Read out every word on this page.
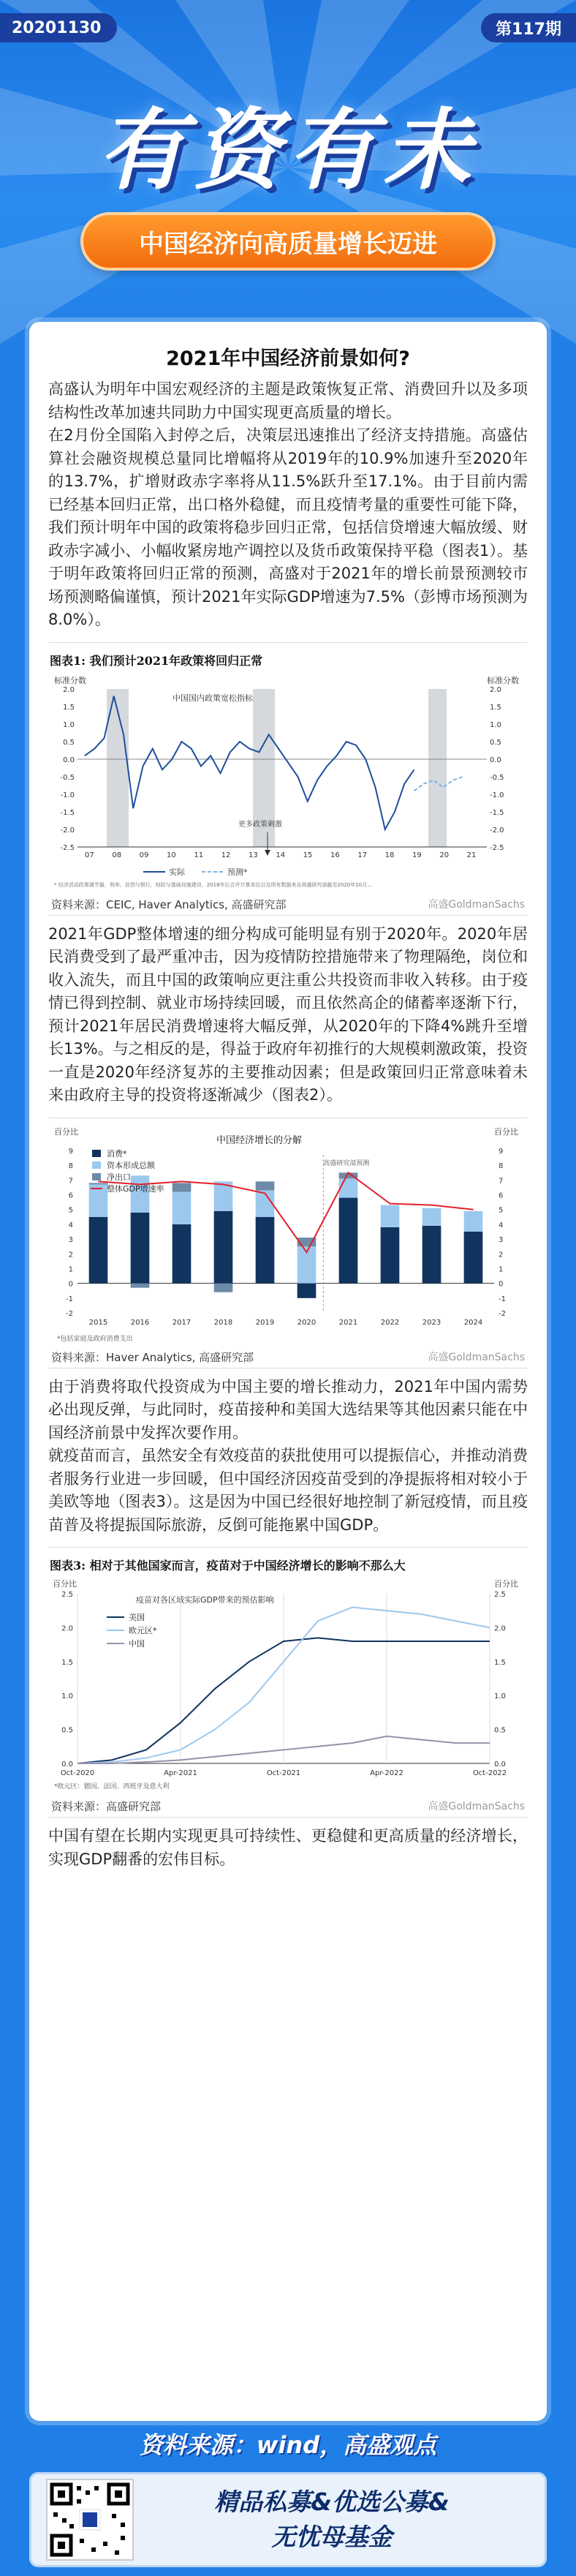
20201130	第117期
有资有未
中国经济向高质量增长迈进
2021年中国经济前景如何?

高盛认为明年中国宏观经济的主题是政策恢复正常、消费回升以及多项结构性改革加速共同助力中国实现更高质量的增长。

在2月份全国陷入封停之后，决策层迅速推出了经济支持措施。高盛估算社会融资规模总量同比增幅将从2019年的10.9%加速升至2020年的13.7%，扩增财政赤字率将从11.5%跃升至17.1%。由于目前内需已经基本回归正常，出口格外稳健，而且疫情考量的重要性可能下降，我们预计明年中国的政策将稳步回归正常，包括信贷增速大幅放缓、财政赤字减小、小幅收紧房地产调控以及货币政策保持平稳（图表1）。基于明年政策将回归正常的预测，高盛对于2021年的增长前景预测较市场预测略偏谨慎，预计2021年实际GDP增速为7.5%（彭博市场预测为8.0%）。

图表1: 我们预计2021年政策将回归正常
标准分数	标准分数
中国国内政策宽松指标
2.0	2.0
1.5	1.5
1.0	1.0
0.5	0.5
0.0	0.0
-0.5	-0.5
-1.0	-1.0
-1.5	-1.5
-2.0	-2.0
-2.5	-2.5
07 08 09 10 11 12 13 14 15 16 17 18 19 20 21
更多政策刺激
实际	预测*
* 经济活动政策调节器，利率、信贷与银行，财政与基础设施建设，2018年后合并计算单位以及所有数据来自高盛研究部截至2020年10月...
资料来源：CEIC, Haver Analytics, 高盛研究部	高盛GoldmanSachs

2021年GDP整体增速的细分构成可能明显有别于2020年。2020年居民消费受到了最严重冲击，因为疫情防控措施带来了物理隔绝，岗位和收入流失，而且中国的政策响应更注重公共投资而非收入转移。由于疫情已得到控制、就业市场持续回暖，而且依然高企的储蓄率逐渐下行，预计2021年居民消费增速将大幅反弹，从2020年的下降4%跳升至增长13%。与之相反的是，得益于政府年初推行的大规模刺激政策，投资一直是2020年经济复苏的主要推动因素；但是政策回归正常意味着未来由政府主导的投资将逐渐减少（图表2）。

百分比	百分比
中国经济增长的分解
高盛研究部预测
9	9
8	8
7	7
6	6
5	5
4	4
3	3
2	2
1	1
0	0
-1	-1
-2	-2
2015	2016	2017	2018	2019	2020	2021	2022	2023	2024
消费*
资本形成总额
净出口
整体GDP增速率
*包括家庭及政府消费支出
资料来源：Haver Analytics, 高盛研究部	高盛GoldmanSachs

由于消费将取代投资成为中国主要的增长推动力，2021年中国内需势必出现反弹，与此同时，疫苗接种和美国大选结果等其他因素只能在中国经济前景中发挥次要作用。

就疫苗而言，虽然安全有效疫苗的获批使用可以提振信心，并推动消费者服务行业进一步回暖，但中国经济因疫苗受到的净提振将相对较小于美欧等地（图表3）。这是因为中国已经很好地控制了新冠疫情，而且疫苗普及将提振国际旅游，反倒可能拖累中国GDP。

图表3: 相对于其他国家而言，疫苗对于中国经济增长的影响不那么大
百分比	百分比
疫苗对各区域实际GDP带来的预估影响
2.5	2.5
2.0	2.0
1.5	1.5
1.0	1.0
0.5	0.5
0.0	0.0
Oct-2020	Apr-2021	Oct-2021	Apr-2022	Oct-2022
美国
欧元区*
中国
*欧元区：德国、法国、西班牙及意大利
资料来源：高盛研究部	高盛GoldmanSachs

中国有望在长期内实现更具可持续性、更稳健和更高质量的经济增长，实现GDP翻番的宏伟目标。

资料来源：wind，高盛观点
精品私募&优选公募&
无忧母基金
